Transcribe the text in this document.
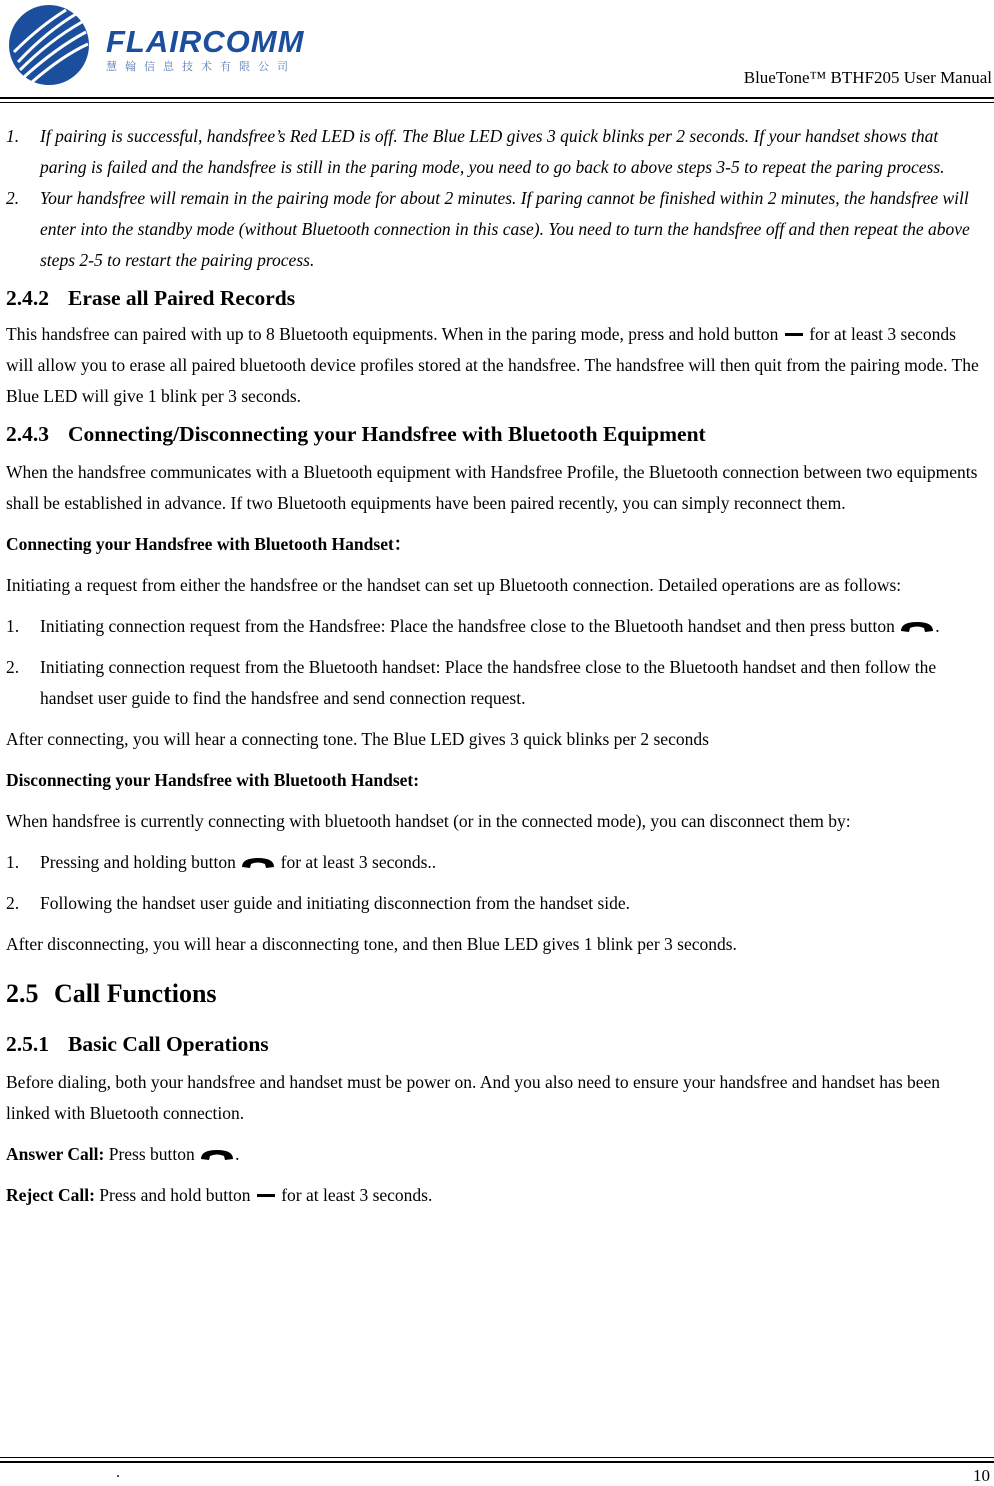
FLAIRCOMM
慧翰信息技术有限公司
BlueTone™ BTHF205 User Manual
1. If pairing is successful, handsfree’s Red LED is off. The Blue LED gives 3 quick blinks per 2 seconds. If your handset shows that paring is failed and the handsfree is still in the paring mode, you need to go back to above steps 3-5 to repeat the paring process.
2. Your handsfree will remain in the pairing mode for about 2 minutes. If paring cannot be finished within 2 minutes, the handsfree will enter into the standby mode (without Bluetooth connection in this case). You need to turn the handsfree off and then repeat the above steps 2-5 to restart the pairing process.
2.4.2 Erase all Paired Records

This handsfree can paired with up to 8 Bluetooth equipments. When in the paring mode, press and hold button for at least 3 seconds will allow you to erase all paired bluetooth device profiles stored at the handsfree. The handsfree will then quit from the pairing mode. The Blue LED will give 1 blink per 3 seconds.

2.4.3 Connecting/Disconnecting your Handsfree with Bluetooth Equipment

When the handsfree communicates with a Bluetooth equipment with Handsfree Profile, the Bluetooth connection between two equipments shall be established in advance. If two Bluetooth equipments have been paired recently, you can simply reconnect them.

Connecting your Handsfree with Bluetooth Handset：

Initiating a request from either the handsfree or the handset can set up Bluetooth connection. Detailed operations are as follows:

1. Initiating connection request from the Handsfree: Place the handsfree close to the Bluetooth handset and then press button .
2. Initiating connection request from the Bluetooth handset: Place the handsfree close to the Bluetooth handset and then follow the handset user guide to find the handsfree and send connection request.

After connecting, you will hear a connecting tone. The Blue LED gives 3 quick blinks per 2 seconds

Disconnecting your Handsfree with Bluetooth Handset:

When handsfree is currently connecting with bluetooth handset (or in the connected mode), you can disconnect them by:

1. Pressing and holding button	for at least 3 seconds..
2. Following the handset user guide and initiating disconnection from the handset side.

After disconnecting, you will hear a disconnecting tone, and then Blue LED gives 1 blink per 3 seconds.

2.5 Call Functions
2.5.1 Basic Call Operations

Before dialing, both your handsfree and handset must be power on. And you also need to ensure your handsfree and handset has been linked with Bluetooth connection.

Answer Call: Press button .

Reject Call: Press and hold button for at least 3 seconds.

.	10
